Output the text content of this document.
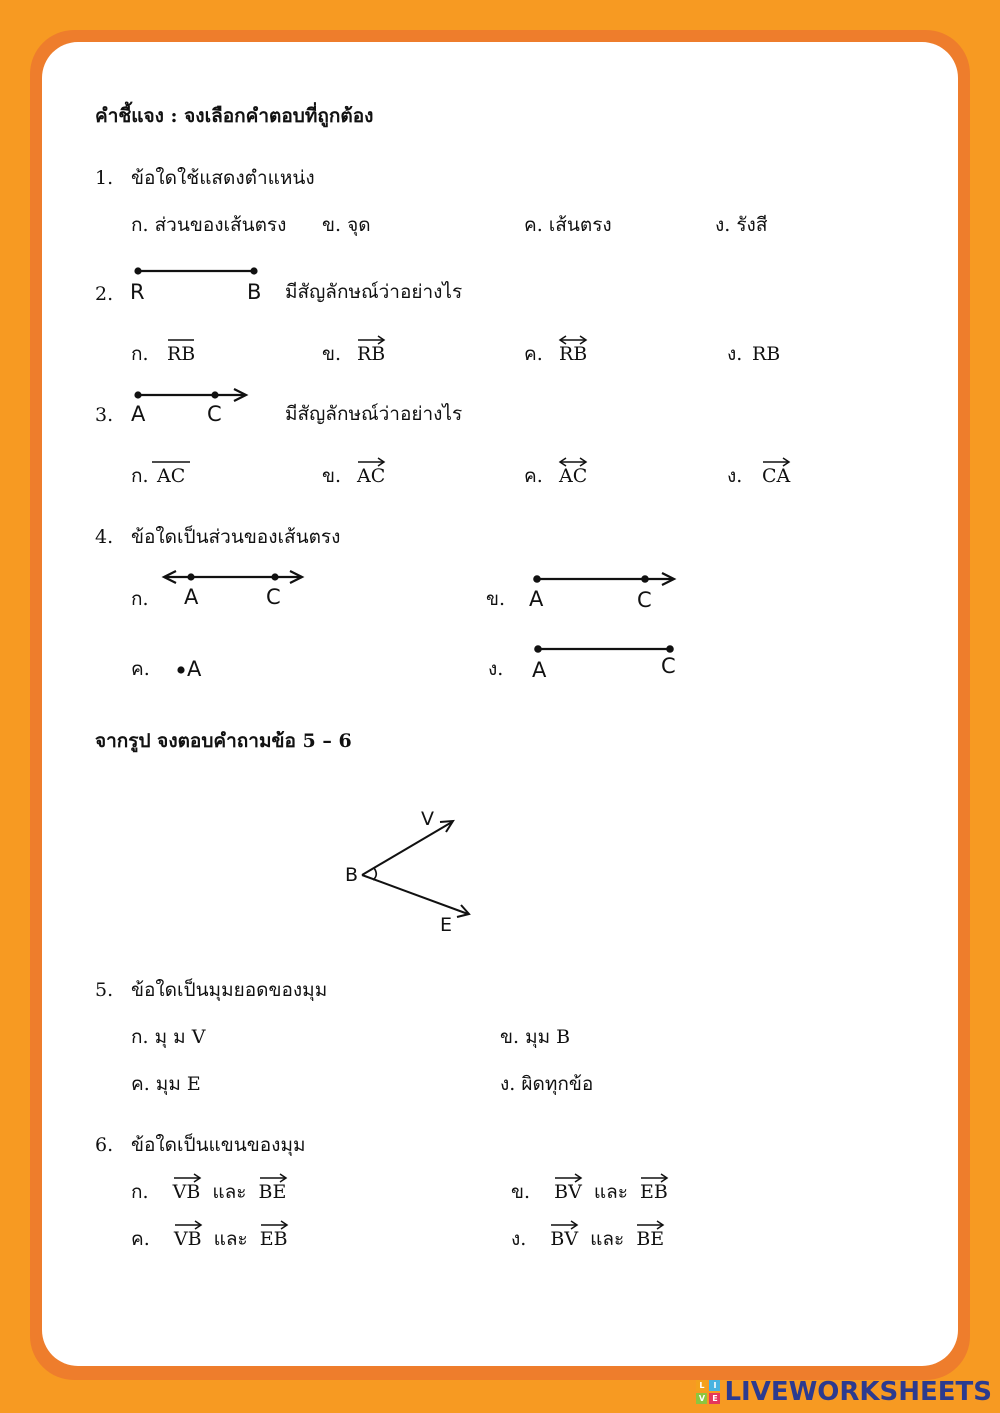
คำชี้แจง : จงเลือกคำตอบที่ถูกต้อง
1. ข้อใดใช้แสดงตำแหน่ง
ก. ส่วนของเส้นตรง ข. จุด	ค. เส้นตรง	ง. รังสี
2. R	B มีสัญลักษณ์ว่าอย่างไร
ก. RB	ข. RB	ค. RB	ง. RB
3. A	C	มีสัญลักษณ์ว่าอย่างไร
ก. AC	ข. AC	ค. AC	ง. CA
4. ข้อใดเป็นส่วนของเส้นตรง
ก. A	C	ข. A	C
ค. A	ง. A	C
จากรูป จงตอบคำถามข้อ 5 – 6
V
B
E
5. ข้อใดเป็นมุมยอดของมุม
ก. มุ ม V	ข. มุม B
ค. มุม E	ง. ผิดทุกข้อ
6. ข้อใดเป็นแขนของมุม
ก. VB และ BE	ข. BV และ EB
ค. VB และ EB	ง. BV และ BE
L	I
V E LIVEWORKSHEETS
